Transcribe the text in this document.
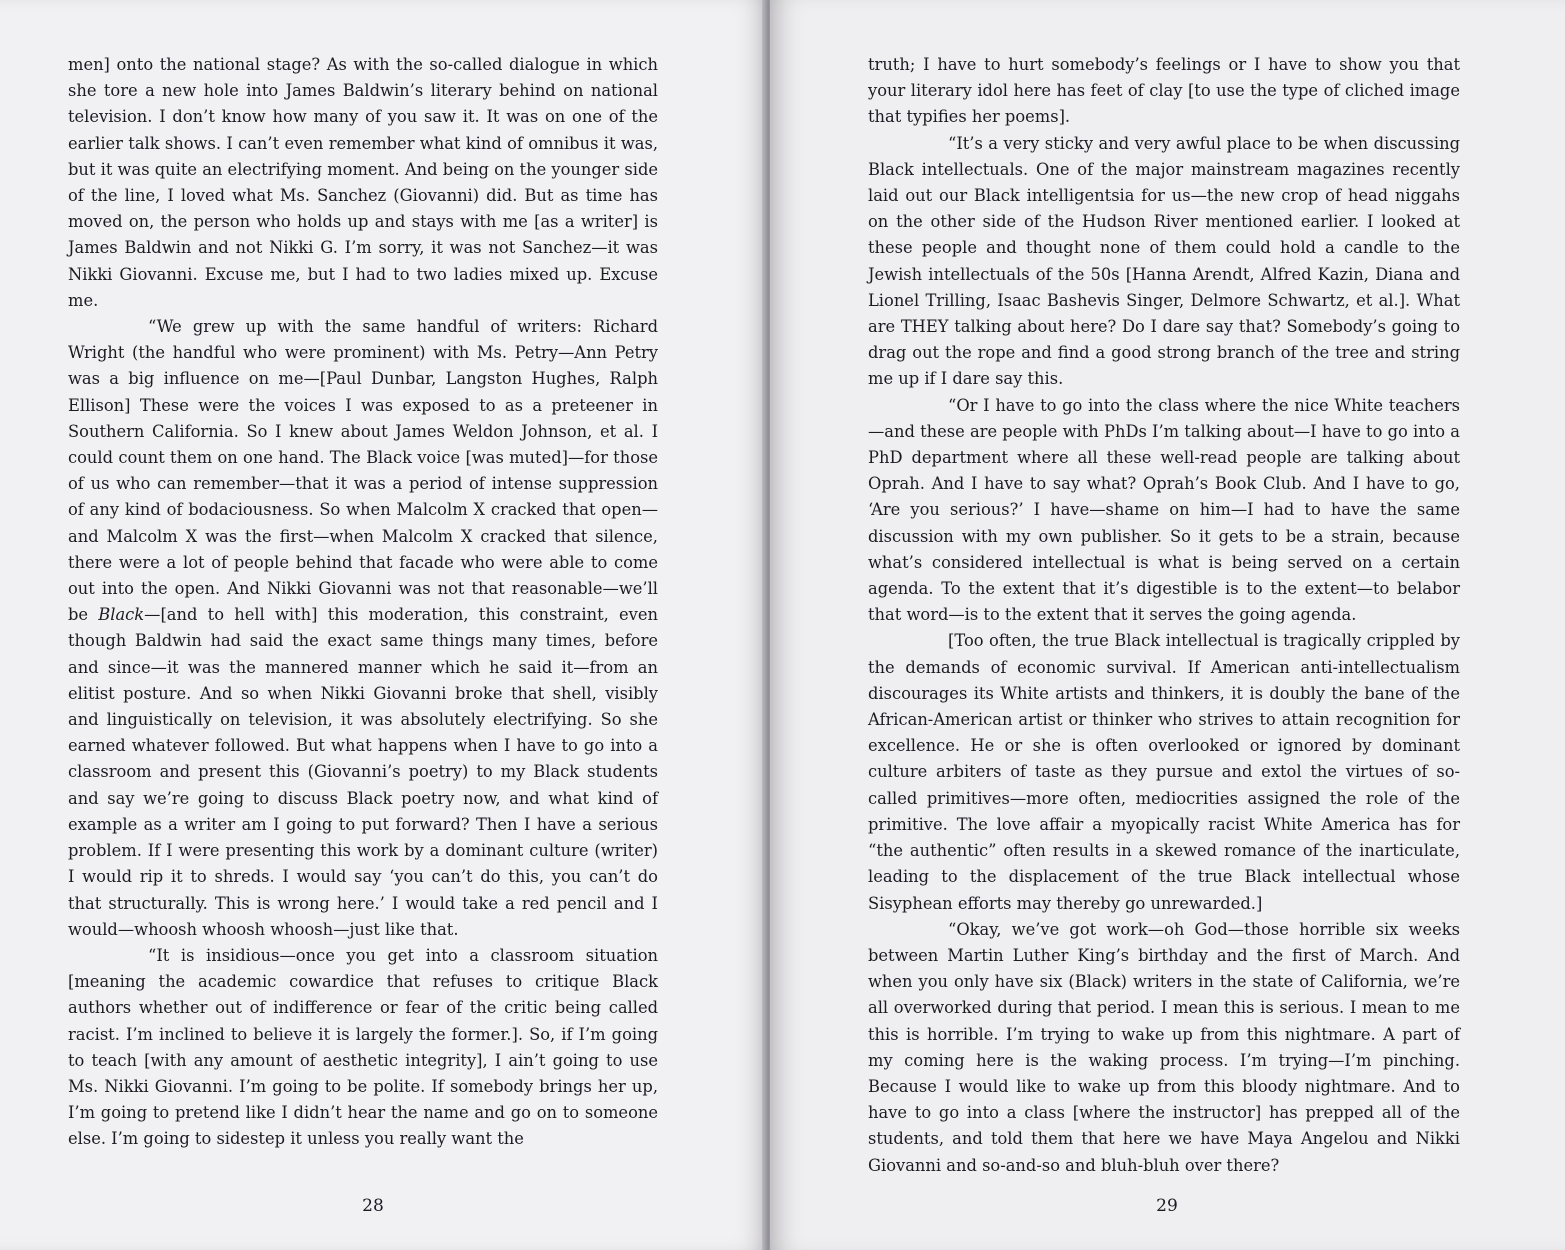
men] onto the national stage? As with the so-called dialogue in which she tore a new hole into James Baldwin’s literary behind on national television. I don’t know how many of you saw it. It was on one of the earlier talk shows. I can’t even remember what kind of omnibus it was, but it was quite an electrifying moment. And being on the younger side of the line, I loved what Ms. Sanchez (Giovanni) did. But as time has moved on, the person who holds up and stays with me [as a writer] is James Baldwin and not Nikki G. I’m sorry, it was not Sanchez—it was Nikki Giovanni. Excuse me, but I had to two ladies mixed up. Excuse me.

“We grew up with the same handful of writers: Richard Wright (the handful who were prominent) with Ms. Petry—Ann Petry was a big influence on me—[Paul Dunbar, Langston Hughes, Ralph Ellison] These were the voices I was exposed to as a preteener in Southern California. So I knew about James Weldon Johnson, et al. I could count them on one hand. The Black voice [was muted]—for those of us who can remember—that it was a period of intense suppression of any kind of bodaciousness. So when Malcolm X cracked that open—and Malcolm X was the first—when Malcolm X cracked that silence, there were a lot of people behind that facade who were able to come out into the open. And Nikki Giovanni was not that reasonable—we’ll be Black—[and to hell with] this moderation, this constraint, even though Baldwin had said the exact same things many times, before and since—it was the mannered manner which he said it—from an elitist posture. And so when Nikki Giovanni broke that shell, visibly and linguistically on television, it was absolutely electrifying. So she earned whatever followed. But what happens when I have to go into a classroom and present this (Giovanni’s poetry) to my Black students and say we’re going to discuss Black poetry now, and what kind of example as a writer am I going to put forward? Then I have a serious problem. If I were presenting this work by a dominant culture (writer) I would rip it to shreds. I would say ‘you can’t do this, you can’t do that structurally. This is wrong here.’ I would take a red pencil and I would—whoosh whoosh whoosh—just like that.

“It is insidious—once you get into a classroom situation [meaning the academic cowardice that refuses to critique Black authors whether out of indifference or fear of the critic being called racist. I’m inclined to believe it is largely the former.]. So, if I’m going to teach [with any amount of aesthetic integrity], I ain’t going to use Ms. Nikki Giovanni. I’m going to be polite. If somebody brings her up, I’m going to pretend like I didn’t hear the name and go on to someone else. I’m going to sidestep it unless you really want the

28

truth; I have to hurt somebody’s feelings or I have to show you that your literary idol here has feet of clay [to use the type of cliched image that typifies her poems].

“It’s a very sticky and very awful place to be when discussing Black intellectuals. One of the major mainstream magazines recently laid out our Black intelligentsia for us—the new crop of head niggahs on the other side of the Hudson River mentioned earlier. I looked at these people and thought none of them could hold a candle to the Jewish intellectuals of the 50s [Hanna Arendt, Alfred Kazin, Diana and Lionel Trilling, Isaac Bashevis Singer, Delmore Schwartz, et al.]. What are THEY talking about here? Do I dare say that? Somebody’s going to drag out the rope and find a good strong branch of the tree and string me up if I dare say this.

“Or I have to go into the class where the nice White teachers—and these are people with PhDs I’m talking about—I have to go into a PhD department where all these well-read people are talking about Oprah. And I have to say what? Oprah’s Book Club. And I have to go, ‘Are you serious?’ I have—shame on him—I had to have the same discussion with my own publisher. So it gets to be a strain, because what’s considered intellectual is what is being served on a certain agenda. To the extent that it’s digestible is to the extent—to belabor that word—is to the extent that it serves the going agenda.

[Too often, the true Black intellectual is tragically crippled by the demands of economic survival. If American anti-intellectualism discourages its White artists and thinkers, it is doubly the bane of the African-American artist or thinker who strives to attain recognition for excellence. He or she is often overlooked or ignored by dominant culture arbiters of taste as they pursue and extol the virtues of so-called primitives—more often, mediocrities assigned the role of the primitive. The love affair a myopically racist White America has for “the authentic” often results in a skewed romance of the inarticulate, leading to the displacement of the true Black intellectual whose Sisyphean efforts may thereby go unrewarded.]

“Okay, we’ve got work—oh God—those horrible six weeks between Martin Luther King’s birthday and the first of March. And when you only have six (Black) writers in the state of California, we’re all overworked during that period. I mean this is serious. I mean to me this is horrible. I’m trying to wake up from this nightmare. A part of my coming here is the waking process. I’m trying—I’m pinching. Because I would like to wake up from this bloody nightmare. And to have to go into a class [where the instructor] has prepped all of the students, and told them that here we have Maya Angelou and Nikki Giovanni and so-and-so and bluh-bluh over there?

29
